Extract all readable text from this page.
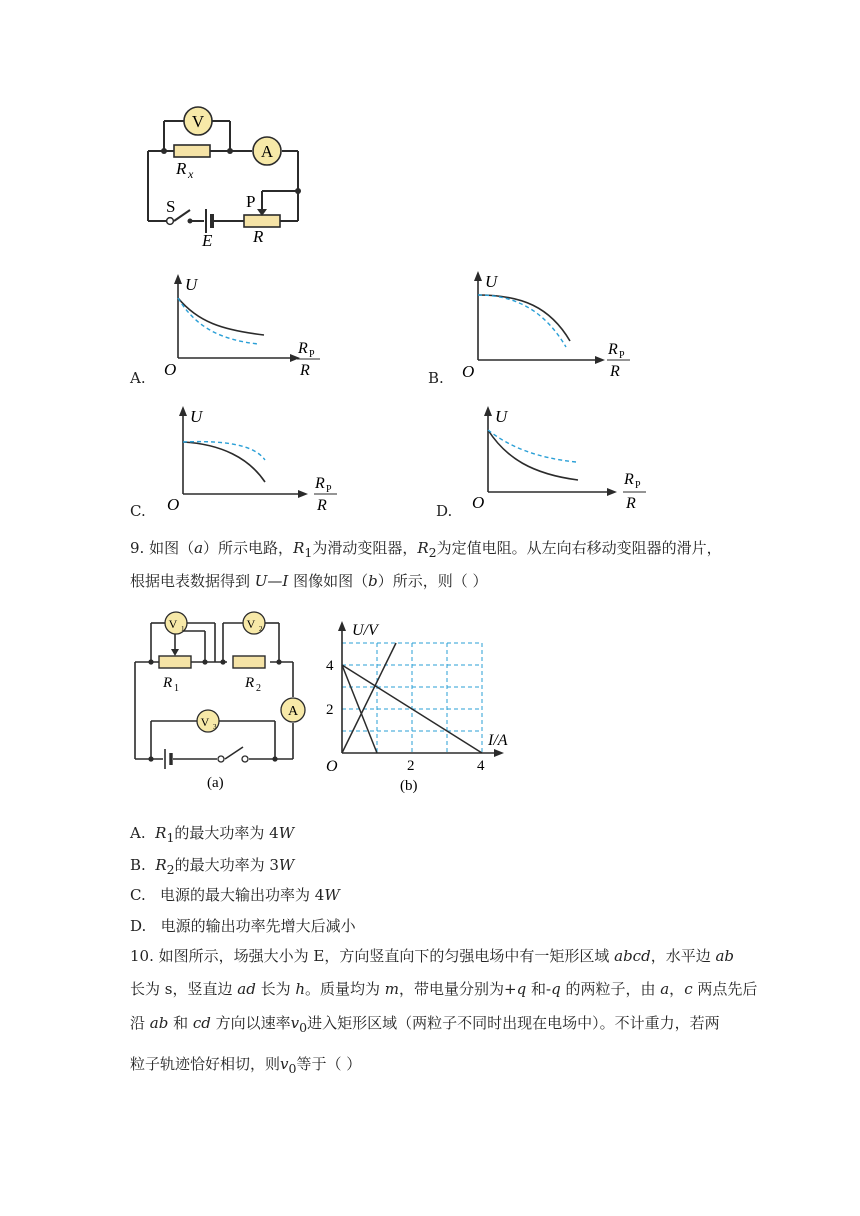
V
A
R x
S
E
P
R
U
O
R P
R
A.
U
O
R P
R
B.
U
O
R P
R
C.
U
O
R P
R
D.
9. 如图（a）所示电路，$R_1$为滑动变阻器，$R_2$为定值电阻。从左向右移动变阻器的滑片，
根据电表数据得到 U—I 图像如图（b）所示，则（ ）
V 1	V 2
V 3
A
R 1	R 2
(a)
U/V
I/A
O
4
2
2	4
(b)
A. $R_1$的最大功率为 4W
B. $R_2$的最大功率为 3W
C. 电源的最大输出功率为 4W
D. 电源的输出功率先增大后减小
10. 如图所示，场强大小为 E，方向竖直向下的匀强电场中有一矩形区域 abcd，水平边 ab
长为 s，竖直边 ad 长为 h。质量均为 m，带电量分别为+q 和-q 的两粒子，由 a，c 两点先后
沿 ab 和 cd 方向以速率$v_0$进入矩形区域（两粒子不同时出现在电场中）。不计重力，若两
粒子轨迹恰好相切，则$v_0$等于（ ）
